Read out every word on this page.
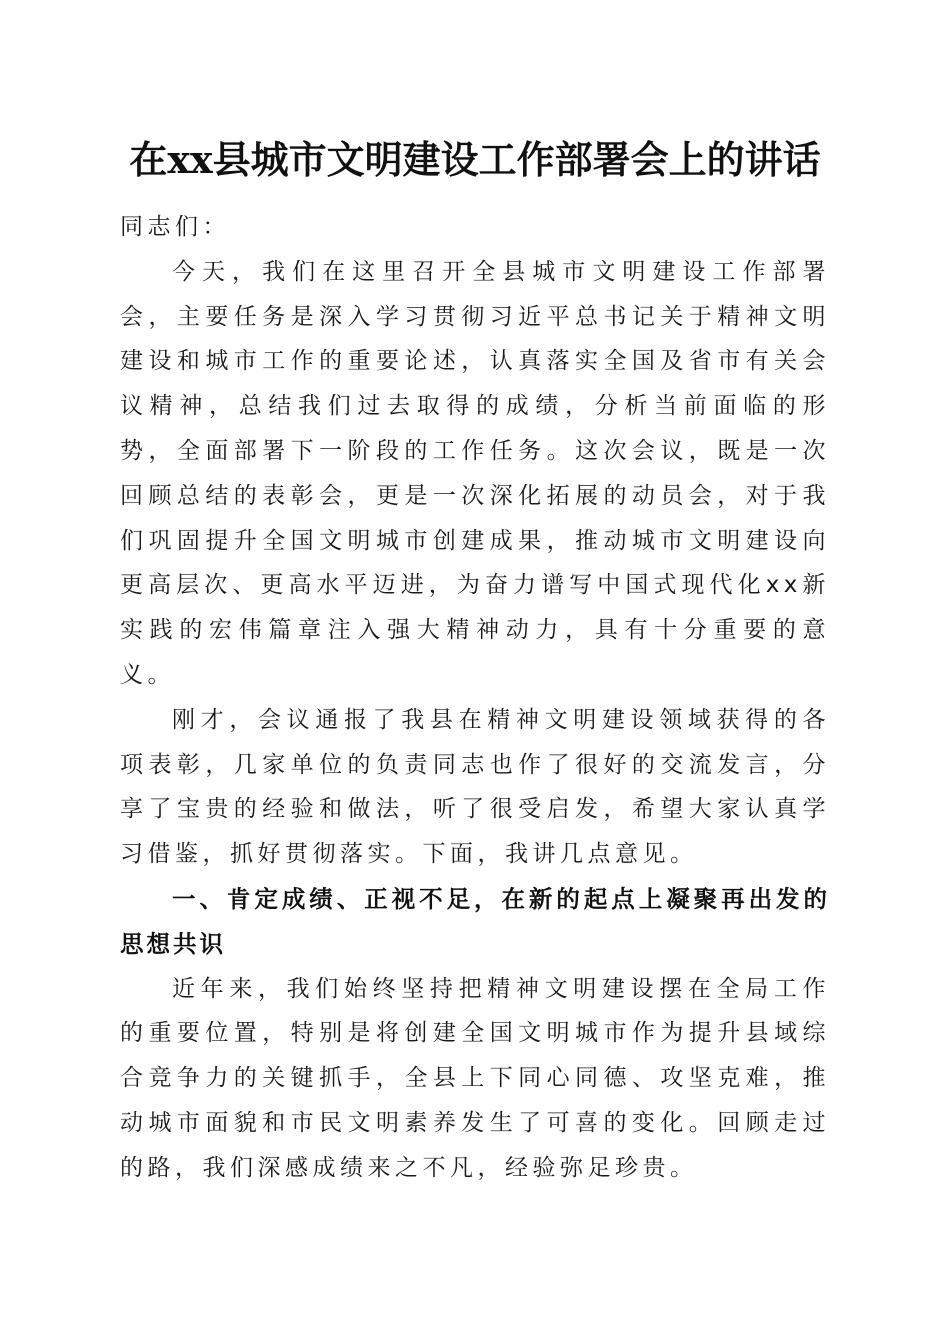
在xx县城市文明建设工作部署会上的讲话

同志们：

今天，我们在这里召开全县城市文明建设工作部署会，主要任务是深入学习贯彻习近平总书记关于精神文明建设和城市工作的重要论述，认真落实全国及省市有关会议精神，总结我们过去取得的成绩，分析当前面临的形势，全面部署下一阶段的工作任务。这次会议，既是一次回顾总结的表彰会，更是一次深化拓展的动员会，对于我们巩固提升全国文明城市创建成果，推动城市文明建设向更高层次、更高水平迈进，为奋力谱写中国式现代化xx新实践的宏伟篇章注入强大精神动力，具有十分重要的意义。

刚才，会议通报了我县在精神文明建设领域获得的各项表彰，几家单位的负责同志也作了很好的交流发言，分享了宝贵的经验和做法，听了很受启发，希望大家认真学习借鉴，抓好贯彻落实。下面，我讲几点意见。

一、肯定成绩、正视不足，在新的起点上凝聚再出发的思想共识

近年来，我们始终坚持把精神文明建设摆在全局工作的重要位置，特别是将创建全国文明城市作为提升县域综合竞争力的关键抓手，全县上下同心同德、攻坚克难，推动城市面貌和市民文明素养发生了可喜的变化。回顾走过的路，我们深感成绩来之不凡，经验弥足珍贵。
